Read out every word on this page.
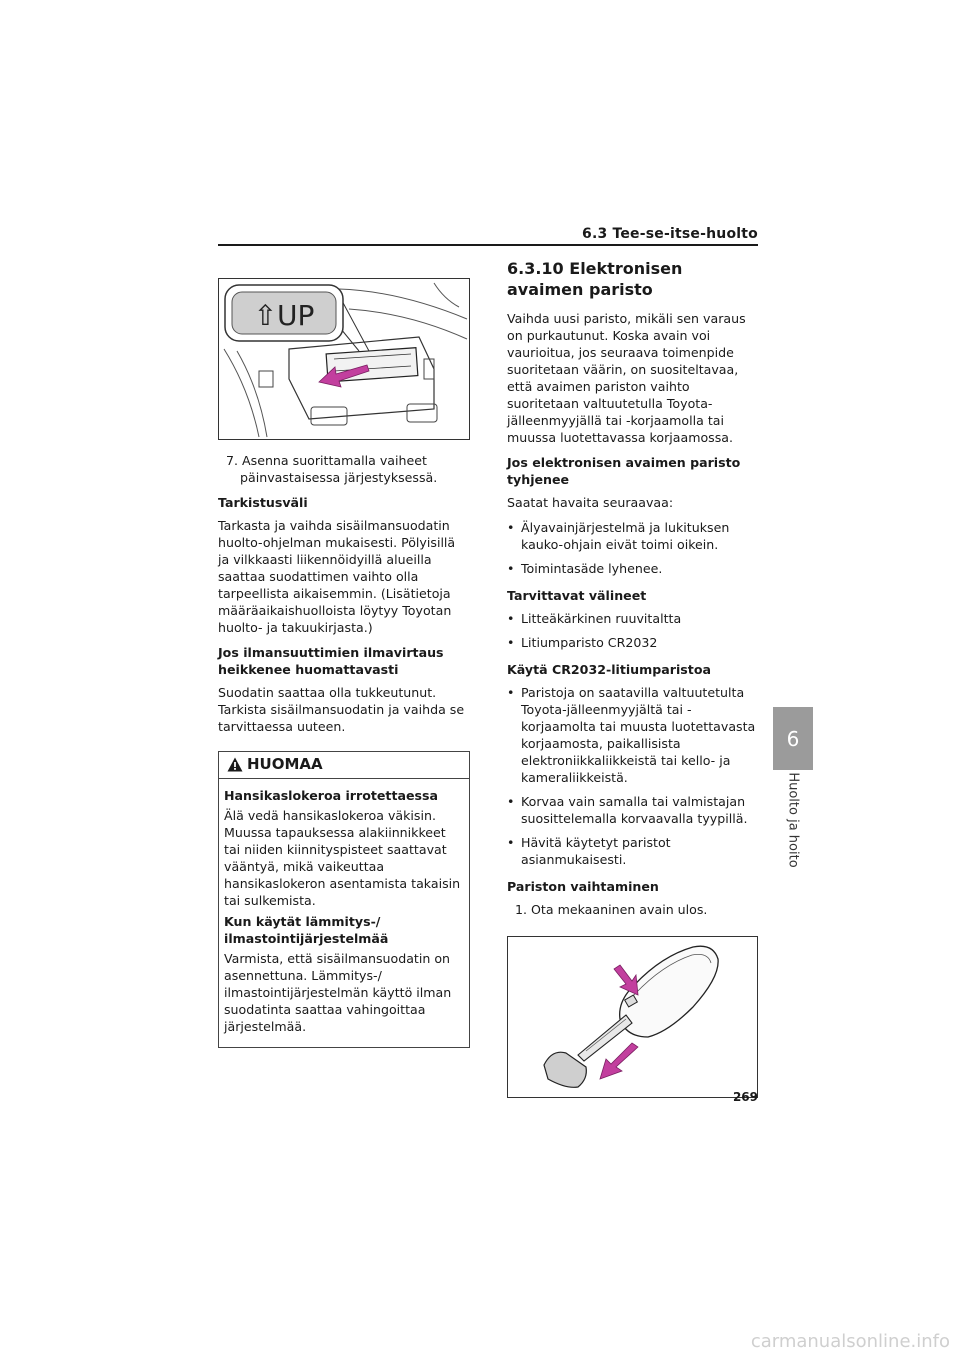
6.3 Tee-se-itse-huolto
⇧UP

7. Asenna suorittamalla vaiheet päinvastaisessa järjestyksessä.

Tarkistusväli

Tarkasta ja vaihda sisäilmansuodatin huolto-ohjelman mukaisesti. Pölyisillä ja vilkkaasti liikennöidyillä alueilla saattaa suodattimen vaihto olla tarpeellista aikaisemmin. (Lisätietoja määräaikaishuolloista löytyy Toyotan huolto- ja takuukirjasta.)

Jos ilmansuuttimien ilmavirtaus heikkenee huomattavasti

Suodatin saattaa olla tukkeutunut. Tarkista sisäilmansuodatin ja vaihda se tarvittaessa uuteen.

HUOMAA

Hansikaslokeroa irrotettaessa

Älä vedä hansikaslokeroa väkisin. Muussa tapauksessa alakiinnikkeet tai niiden kiinnityspisteet saattavat vääntyä, mikä vaikeuttaa hansikaslokeron asentamista takaisin tai sulkemista.

Kun käytät lämmitys-/ ilmastointijärjestelmää

Varmista, että sisäilmansuodatin on asennettuna. Lämmitys-/ ilmastointijärjestelmän käyttö ilman suodatinta saattaa vahingoittaa järjestelmää.

6.3.10 Elektronisen avaimen paristo

Vaihda uusi paristo, mikäli sen varaus on purkautunut. Koska avain voi vaurioitua, jos seuraava toimenpide suoritetaan väärin, on suositeltavaa, että avaimen pariston vaihto suoritetaan valtuutetulla Toyota-jälleenmyyjällä tai -korjaamolla tai muussa luotettavassa korjaamossa.

Jos elektronisen avaimen paristo tyhjenee

Saatat havaita seuraavaa:

• Älyavainjärjestelmä ja lukituksen kauko-ohjain eivät toimi oikein.
• Toimintasäde lyhenee.

Tarvittavat välineet

• Litteäkärkinen ruuvitaltta
• Litiumparisto CR2032

Käytä CR2032-litiumparistoa

• Paristoja on saatavilla valtuutetulta Toyota-jälleenmyyjältä tai -korjaamolta tai muusta luotettavasta korjaamosta, paikallisista elektroniikkaliikkeistä tai kello- ja kameraliikkeistä.
• Korvaa vain samalla tai valmistajan suosittelemalla korvaavalla tyypillä.
• Hävitä käytetyt paristot asianmukaisesti.

Pariston vaihtaminen

1. Ota mekaaninen avain ulos.

6
Huolto ja hoito
269
carmanualsonline.info
